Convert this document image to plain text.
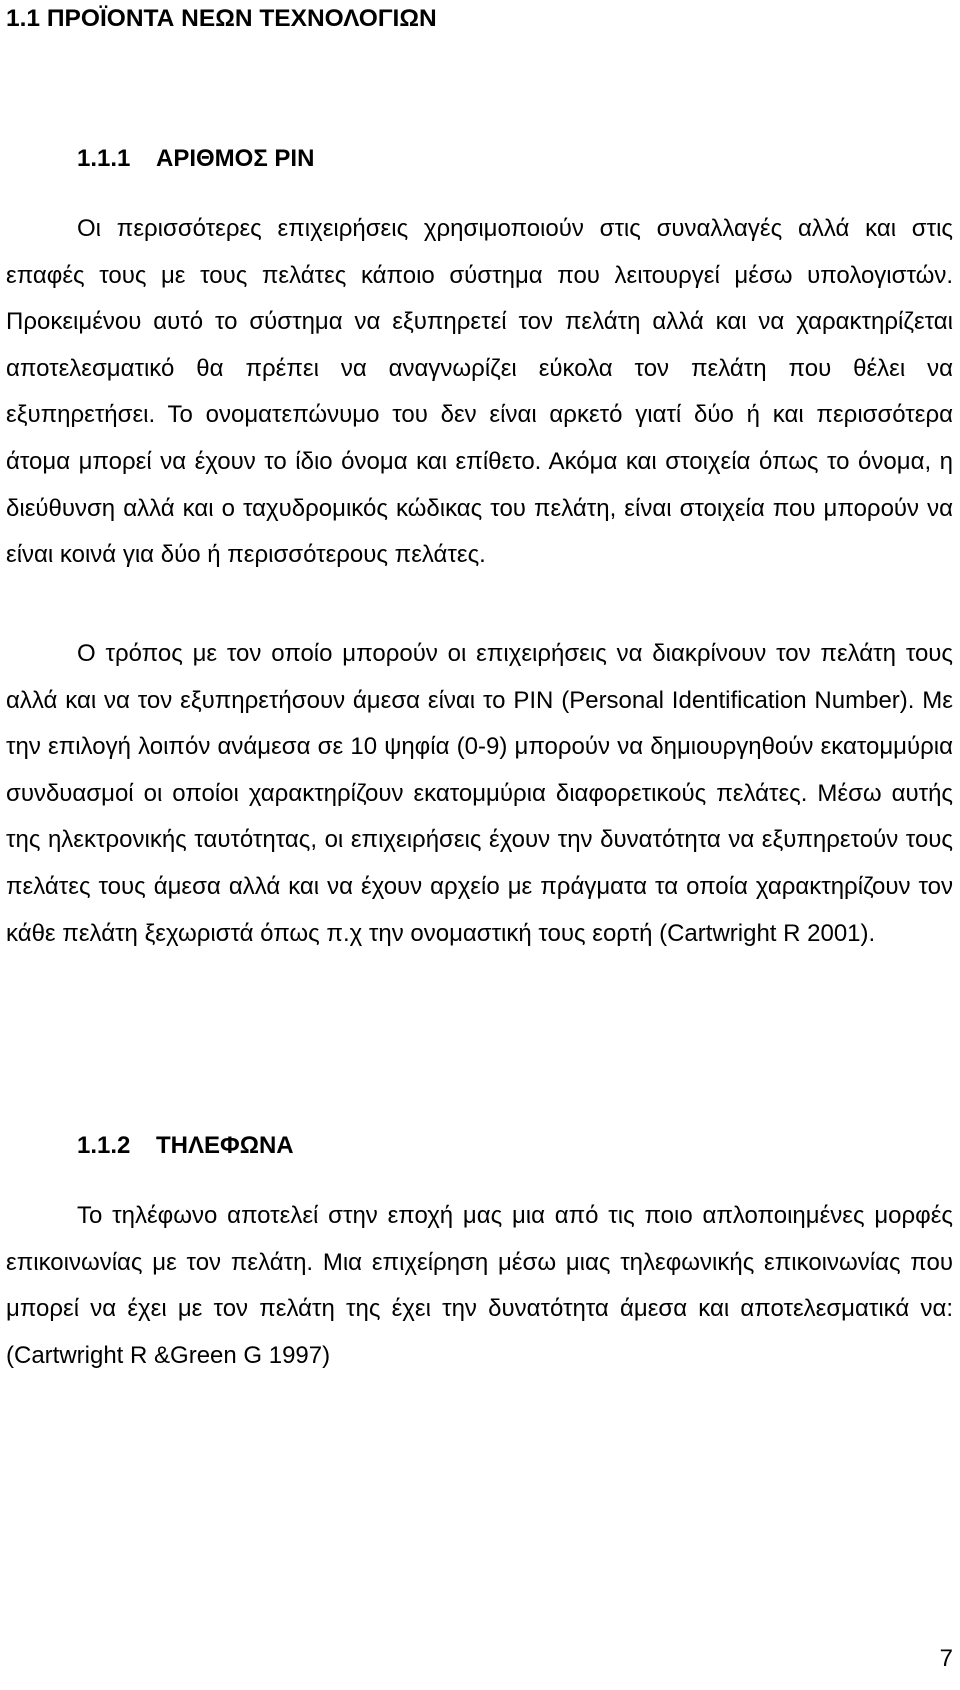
1.1 ΠΡΟΪΟΝΤΑ ΝΕΩΝ ΤΕΧΝΟΛΟΓΙΩΝ
1.1.1 ΑΡΙΘΜΟΣ PIN

Οι περισσότερες επιχειρήσεις χρησιμοποιούν στις συναλλαγές αλλά και στις επαφές τους με τους πελάτες κάποιο σύστημα που λειτουργεί μέσω υπολογιστών. Προκειμένου αυτό το σύστημα να εξυπηρετεί τον πελάτη αλλά και να χαρακτηρίζεται αποτελεσματικό θα πρέπει να αναγνωρίζει εύκολα τον πελάτη που θέλει να εξυπηρετήσει. Το ονοματεπώνυμο του δεν είναι αρκετό γιατί δύο ή και περισσότερα άτομα μπορεί να έχουν το ίδιο όνομα και επίθετο. Ακόμα και στοιχεία όπως το όνομα, η διεύθυνση αλλά και ο ταχυδρομικός κώδικας του πελάτη, είναι στοιχεία που μπορούν να είναι κοινά για δύο ή περισσότερους πελάτες.

Ο τρόπος με τον οποίο μπορούν οι επιχειρήσεις να διακρίνουν τον πελάτη τους αλλά και να τον εξυπηρετήσουν άμεσα είναι το PIN (Personal Identification Number). Με την επιλογή λοιπόν ανάμεσα σε 10 ψηφία (0-9) μπορούν να δημιουργηθούν εκατομμύρια συνδυασμοί οι οποίοι χαρακτηρίζουν εκατομμύρια διαφορετικούς πελάτες. Μέσω αυτής της ηλεκτρονικής ταυτότητας, οι επιχειρήσεις έχουν την δυνατότητα να εξυπηρετούν τους πελάτες τους άμεσα αλλά και να έχουν αρχείο με πράγματα τα οποία χαρακτηρίζουν τον κάθε πελάτη ξεχωριστά όπως π.χ την ονομαστική τους εορτή (Cartwright R 2001).

1.1.2 ΤΗΛΕΦΩΝΑ

Το τηλέφωνο αποτελεί στην εποχή μας μια από τις ποιο απλοποιημένες μορφές επικοινωνίας με τον πελάτη. Μια επιχείρηση μέσω μιας τηλεφωνικής επικοινωνίας που μπορεί να έχει με τον πελάτη της έχει την δυνατότητα άμεσα και αποτελεσματικά να: (Cartwright R &Green G 1997)

7
